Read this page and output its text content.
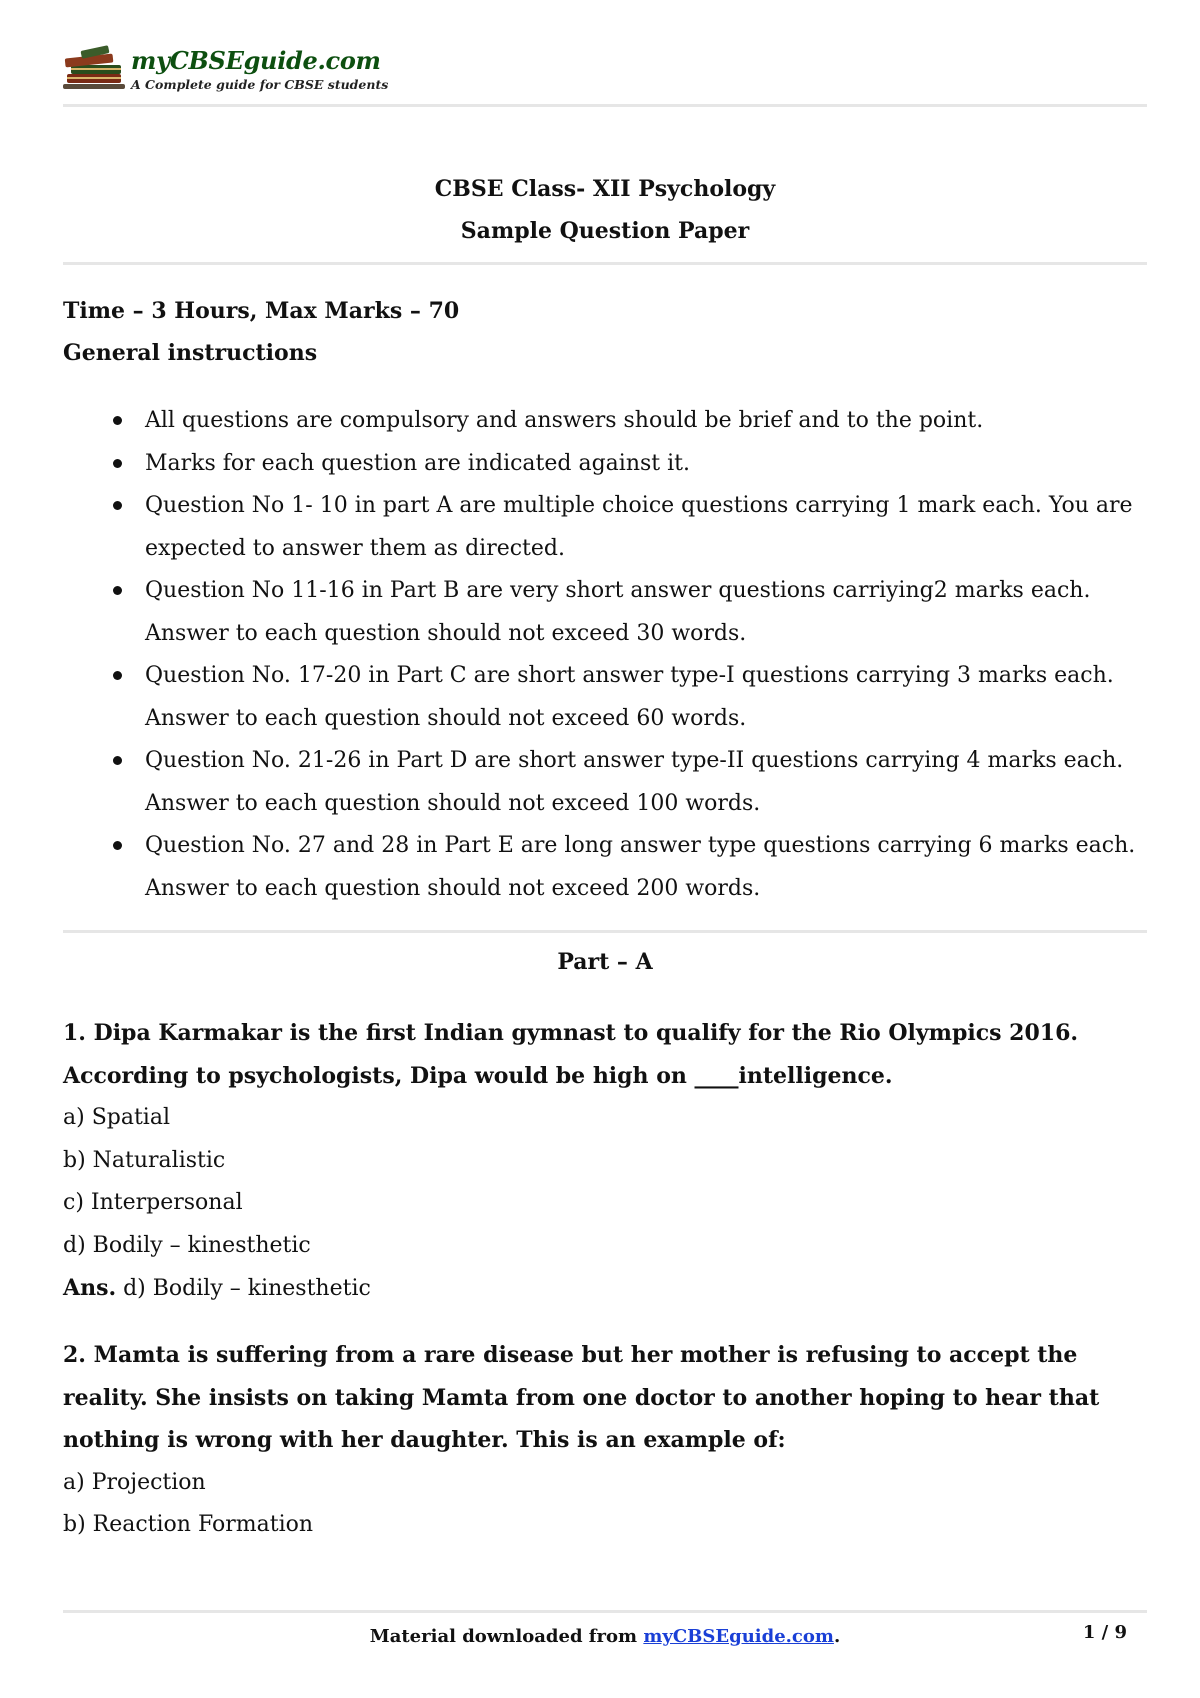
myCBSEguide.com
A Complete guide for CBSE students
CBSE Class- XII Psychology
Sample Question Paper
Time – 3 Hours, Max Marks – 70
General instructions
All questions are compulsory and answers should be brief and to the point.
Marks for each question are indicated against it.
Question No 1- 10 in part A are multiple choice questions carrying 1 mark each. You are expected to answer them as directed.
Question No 11-16 in Part B are very short answer questions carriying2 marks each. Answer to each question should not exceed 30 words.
Question No. 17-20 in Part C are short answer type-I questions carrying 3 marks each. Answer to each question should not exceed 60 words.
Question No. 21-26 in Part D are short answer type-II questions carrying 4 marks each. Answer to each question should not exceed 100 words.
Question No. 27 and 28 in Part E are long answer type questions carrying 6 marks each. Answer to each question should not exceed 200 words.
Part – A
1. Dipa Karmakar is the first Indian gymnast to qualify for the Rio Olympics 2016. According to psychologists, Dipa would be high on ____intelligence.
a) Spatial
b) Naturalistic
c) Interpersonal
d) Bodily – kinesthetic
Ans. d) Bodily – kinesthetic
2. Mamta is suffering from a rare disease but her mother is refusing to accept the reality. She insists on taking Mamta from one doctor to another hoping to hear that nothing is wrong with her daughter. This is an example of:
a) Projection
b) Reaction Formation
Material downloaded from myCBSEguide.com.	1 / 9
